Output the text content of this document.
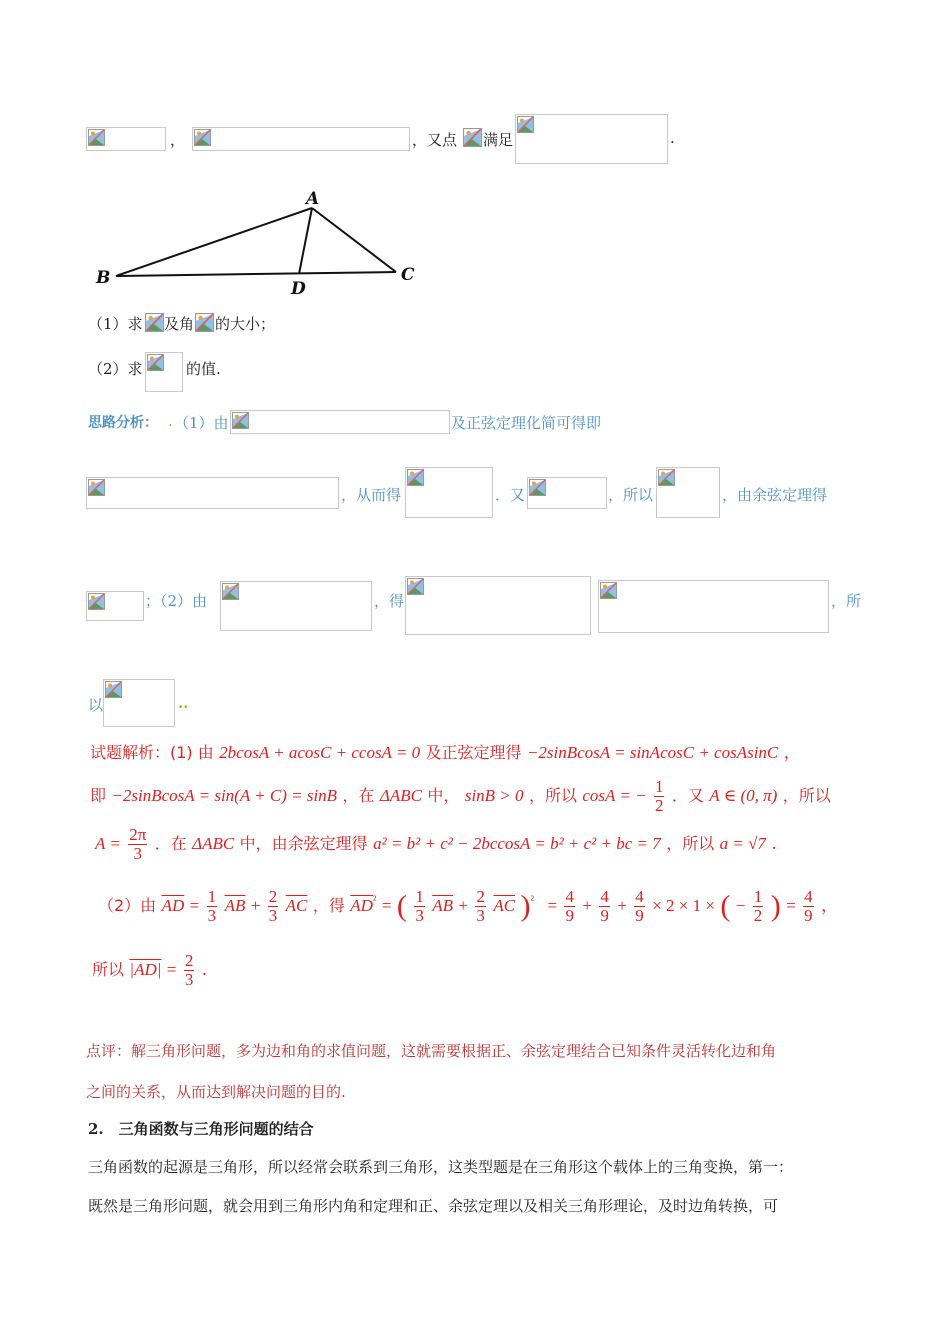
，	，又点 满足	.
A
B	C
D
（1）求 及角 的大小；
（2）求	的值.
思路分析： . （1）由	及正弦定理化简可得即
，从而得	．又	，所以	，由余弦定理得
；（2）由	，得	，所
以	..
试题解析：(1) 由 2bcosA + acosC + ccosA = 0 及正弦定理得 −2sinBcosA = sinAcosC + cosAsinC ，
即 −2sinBcosA = sin(A + C) = sinB ，在 ΔABC 中， sinB > 0 ，所以 cosA = − $\frac{1}{2}$ ．又 A ∈ (0, π) ，所以
$A = \frac{2\pi}{3}$ ．在 ΔABC 中，由余弦定理得 a² = b² + c² − 2bccosA = b² + c² + bc = 7 ，所以 a = √7 .
（2）由 $\overline{AD} = \frac{1}{3} \overline{AB} + \frac{2}{3} \overline{AC}$ ，得 $\overline{AD}^{^2}$ = ( $\frac{1}{3} \overline{AB} + \frac{2}{3} \overline{AC}$ )$^{^2} = \frac{4}{9} + \frac{4}{9} + \frac{4}{9} \times 2 \times 1$ × ( − $\frac{1}{2}$ ) = $\frac{4}{9}$ ，
所以 $|AD| = \frac{2}{3}$ .
点评：解三角形问题，多为边和角的求值问题，这就需要根据正、余弦定理结合已知条件灵活转化边和角
之间的关系，从而达到解决问题的目的.
2.　三角函数与三角形问题的结合
三角函数的起源是三角形，所以经常会联系到三角形，这类型题是在三角形这个载体上的三角变换，第一：
既然是三角形问题，就会用到三角形内角和定理和正、余弦定理以及相关三角形理论，及时边角转换，可
